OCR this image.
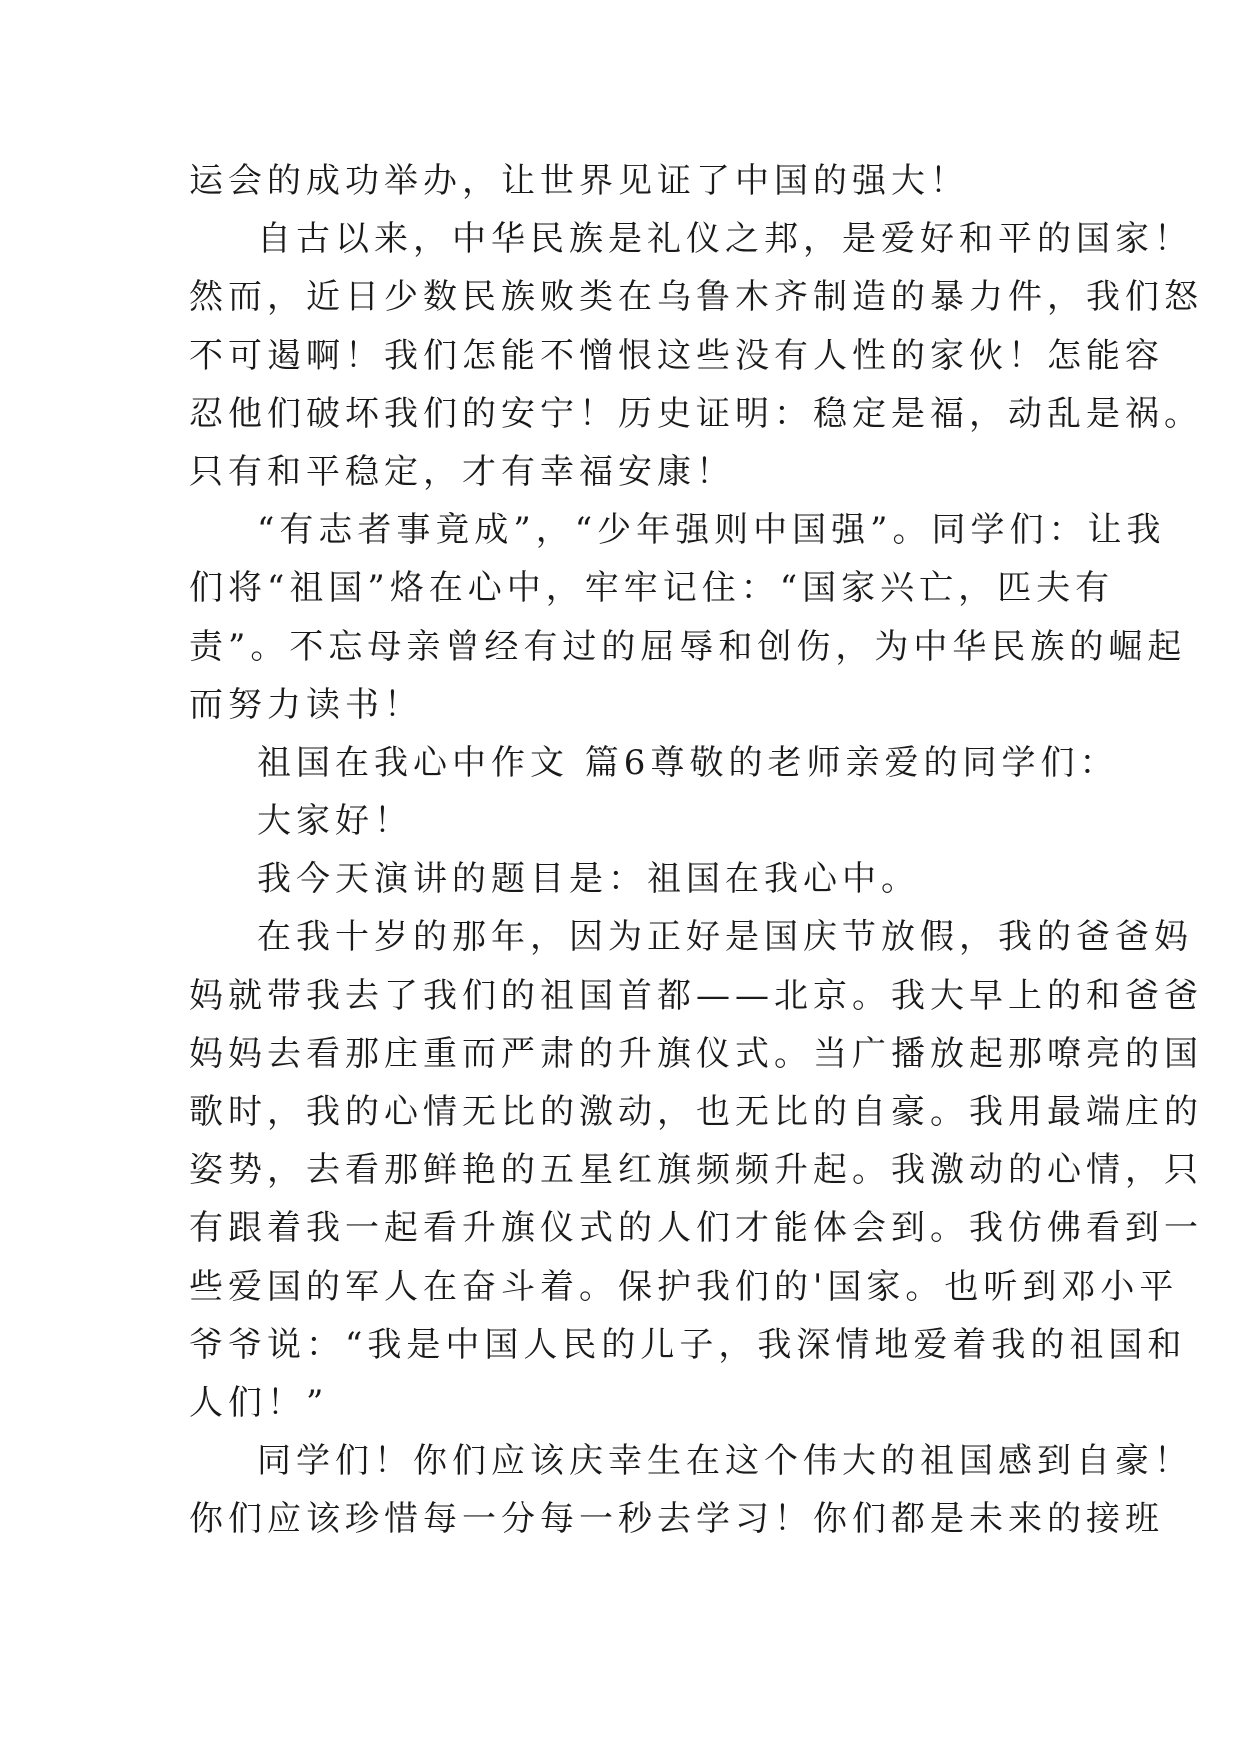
运会的成功举办，让世界见证了中国的强大！
自古以来，中华民族是礼仪之邦，是爱好和平的国家！
然而，近日少数民族败类在乌鲁木齐制造的暴力件，我们怒
不可遏啊！我们怎能不憎恨这些没有人性的家伙！怎能容
忍他们破坏我们的安宁！历史证明：稳定是福，动乱是祸。
只有和平稳定，才有幸福安康！
“有志者事竟成”，“少年强则中国强”。同学们：让我
们将“祖国”烙在心中，牢牢记住：“国家兴亡，匹夫有
责”。不忘母亲曾经有过的屈辱和创伤，为中华民族的崛起
而努力读书！
祖国在我心中作文 篇6尊敬的老师亲爱的同学们：
大家好！
我今天演讲的题目是：祖国在我心中。
在我十岁的那年，因为正好是国庆节放假，我的爸爸妈
妈就带我去了我们的祖国首都——北京。我大早上的和爸爸
妈妈去看那庄重而严肃的升旗仪式。当广播放起那嘹亮的国
歌时，我的心情无比的激动，也无比的自豪。我用最端庄的
姿势，去看那鲜艳的五星红旗频频升起。我激动的心情，只
有跟着我一起看升旗仪式的人们才能体会到。我仿佛看到一
些爱国的军人在奋斗着。保护我们的'国家。也听到邓小平
爷爷说：“我是中国人民的儿子，我深情地爱着我的祖国和
人们！”
同学们！你们应该庆幸生在这个伟大的祖国感到自豪！
你们应该珍惜每一分每一秒去学习！你们都是未来的接班
